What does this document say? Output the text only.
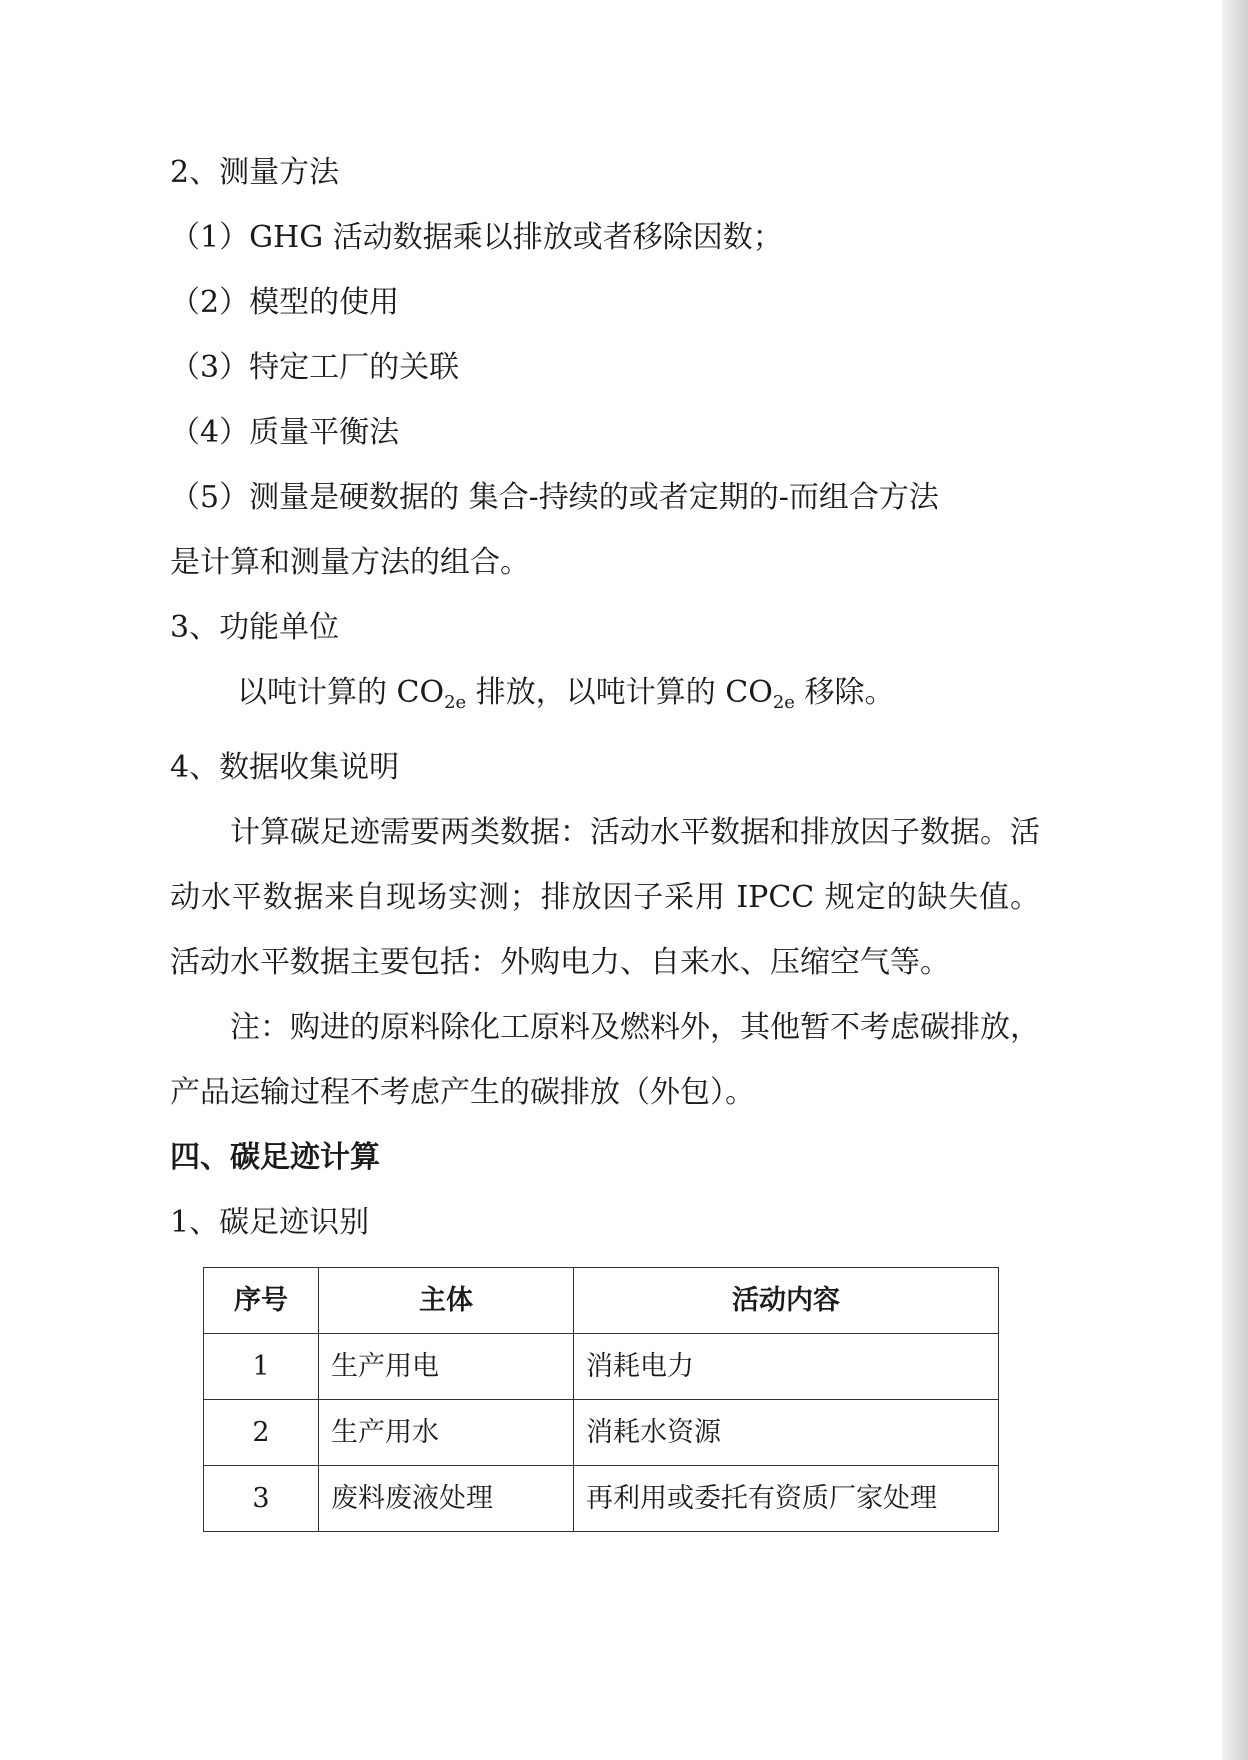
2、测量方法
（1）GHG 活动数据乘以排放或者移除因数；
（2）模型的使用
（3）特定工厂的关联
（4）质量平衡法
（5）测量是硬数据的 集合-持续的或者定期的-而组合方法
是计算和测量方法的组合。
3、功能单位
以吨计算的 $CO_{2e}$ 排放，以吨计算的 $CO_{2e}$ 移除。
4、数据收集说明
计算碳足迹需要两类数据：活动水平数据和排放因子数据。活动水平数据来自现场实测；排放因子采用 IPCC 规定的缺失值。活动水平数据主要包括：外购电力、自来水、压缩空气等。
注：购进的原料除化工原料及燃料外，其他暂不考虑碳排放，产品运输过程不考虑产生的碳排放（外包）。
四、碳足迹计算
1、碳足迹识别
序号	主体	活动内容
1	生产用电	消耗电力
2	生产用水	消耗水资源
3	废料废液处理	再利用或委托有资质厂家处理
